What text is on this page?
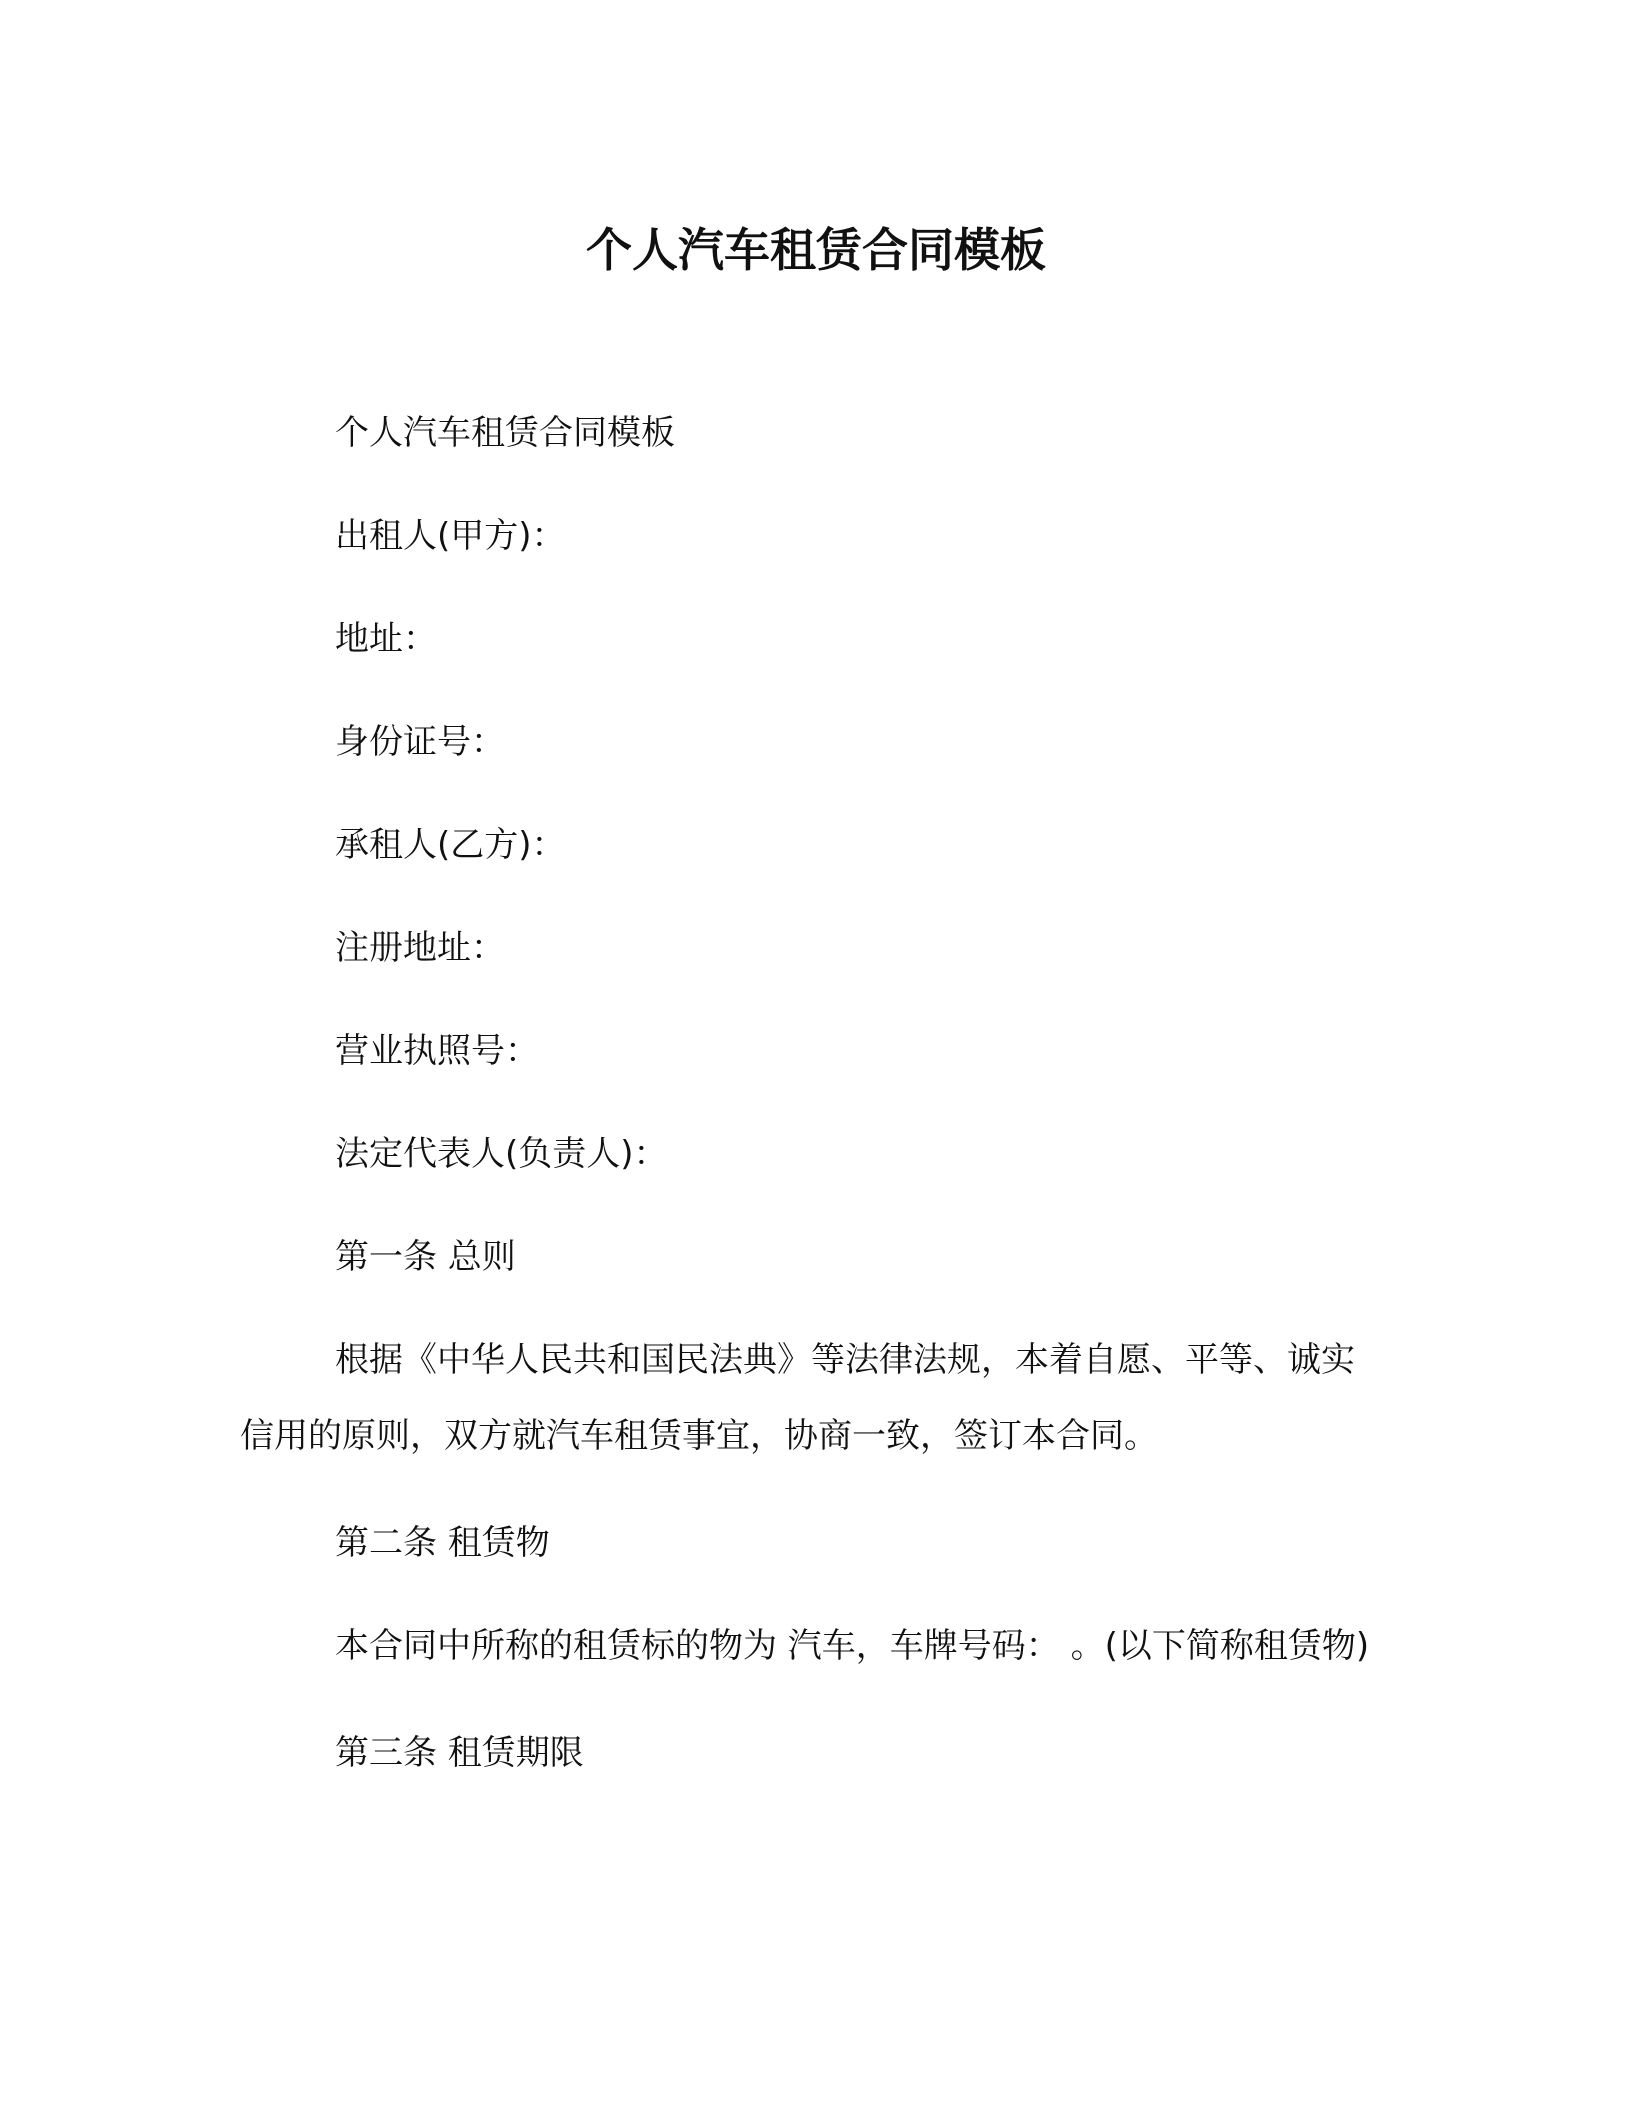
个人汽车租赁合同模板

个人汽车租赁合同模板

出租人(甲方)：

地址：

身份证号：

承租人(乙方)：

注册地址：

营业执照号：

法定代表人(负责人)：

第一条 总则

根据《中华人民共和国民法典》等法律法规，本着自愿、平等、诚实信用的原则，双方就汽车租赁事宜，协商一致，签订本合同。

第二条 租赁物

本合同中所称的租赁标的物为 汽车，车牌号码： 。(以下简称租赁物)

第三条 租赁期限
